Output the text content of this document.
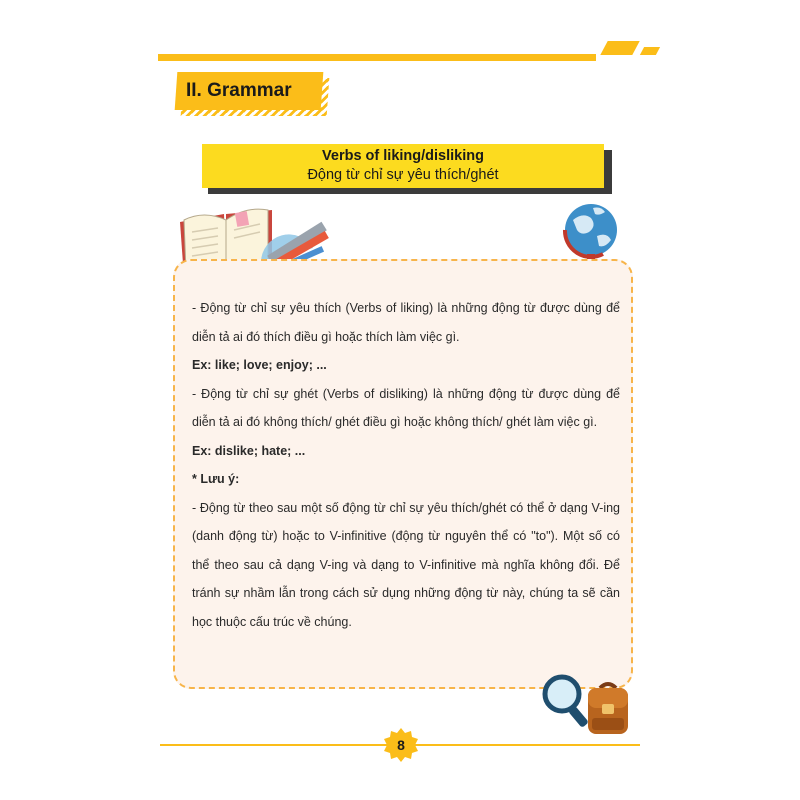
II. Grammar
Verbs of liking/disliking
Động từ chỉ sự yêu thích/ghét

- Động từ chỉ sự yêu thích (Verbs of liking) là những động từ được dùng để diễn tả ai đó thích điều gì hoặc thích làm việc gì.

Ex: like; love; enjoy; ...

- Động từ chỉ sự ghét (Verbs of disliking) là những động từ được dùng để diễn tả ai đó không thích/ ghét điều gì hoặc không thích/ ghét làm việc gì.

Ex: dislike; hate; ...

* Lưu ý:

- Động từ theo sau một số động từ chỉ sự yêu thích/ghét có thể ở dạng V-ing (danh động từ) hoặc to V-infinitive (động từ nguyên thể có "to"). Một số có thể theo sau cả dạng V-ing và dạng to V-infinitive mà nghĩa không đổi. Để tránh sự nhầm lẫn trong cách sử dụng những động từ này, chúng ta sẽ cần học thuộc cấu trúc về chúng.

8
